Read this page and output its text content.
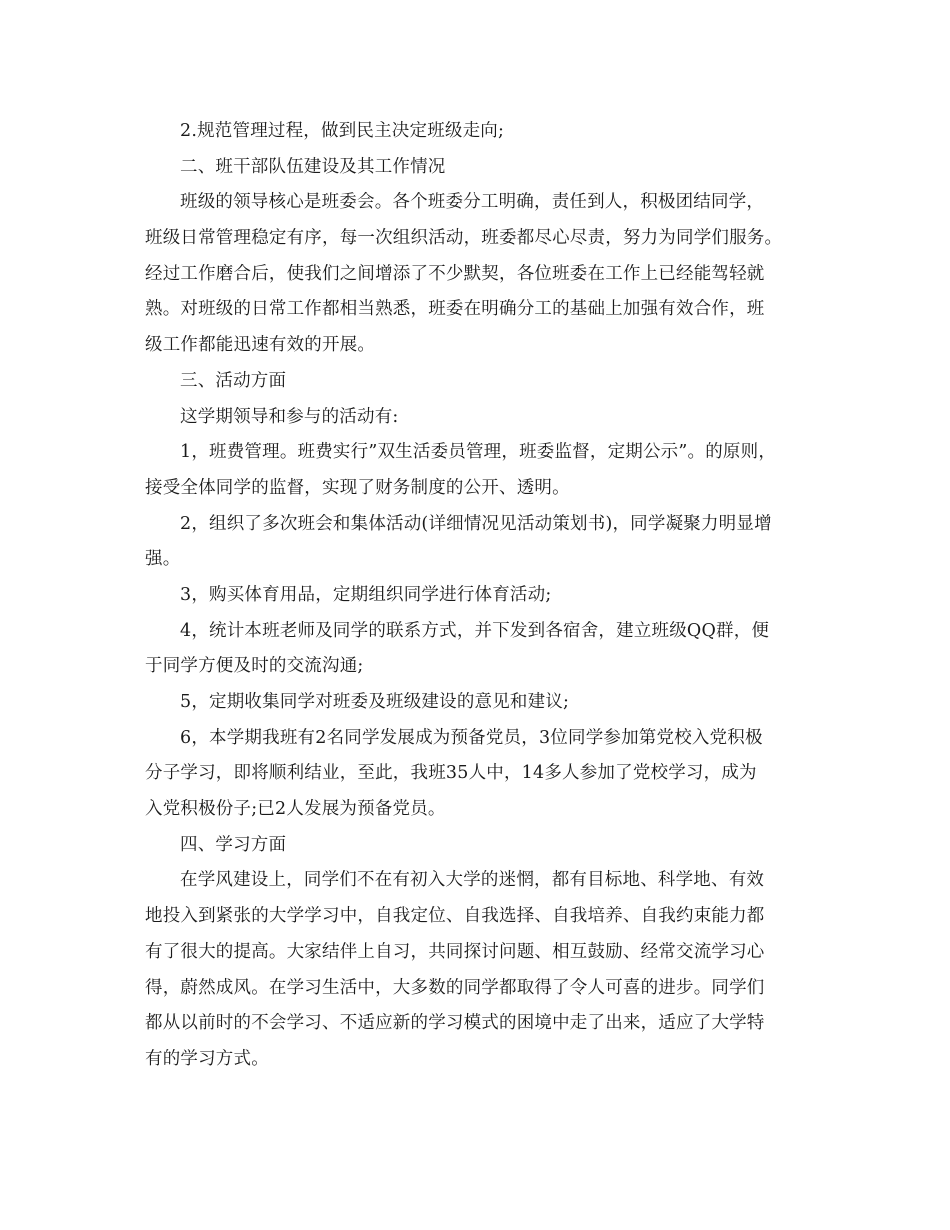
2.规范管理过程，做到民主决定班级走向;
二、班干部队伍建设及其工作情况
班级的领导核心是班委会。各个班委分工明确，责任到人，积极团结同学，
班级日常管理稳定有序，每一次组织活动，班委都尽心尽责，努力为同学们服务。
经过工作磨合后，使我们之间增添了不少默契，各位班委在工作上已经能驾轻就
熟。对班级的日常工作都相当熟悉，班委在明确分工的基础上加强有效合作，班
级工作都能迅速有效的开展。
三、活动方面
这学期领导和参与的活动有:
1，班费管理。班费实行”双生活委员管理，班委监督，定期公示”。的原则，
接受全体同学的监督，实现了财务制度的公开、透明。
2，组织了多次班会和集体活动(详细情况见活动策划书)，同学凝聚力明显增
强。
3，购买体育用品，定期组织同学进行体育活动;
4，统计本班老师及同学的联系方式，并下发到各宿舍，建立班级QQ群，便
于同学方便及时的交流沟通;
5，定期收集同学对班委及班级建设的意见和建议;
6，本学期我班有2名同学发展成为预备党员，3位同学参加第党校入党积极
分子学习，即将顺利结业，至此，我班35人中，14多人参加了党校学习，成为
入党积极份子;已2人发展为预备党员。
四、学习方面
在学风建设上，同学们不在有初入大学的迷惘，都有目标地、科学地、有效
地投入到紧张的大学学习中，自我定位、自我选择、自我培养、自我约束能力都
有了很大的提高。大家结伴上自习，共同探讨问题、相互鼓励、经常交流学习心
得，蔚然成风。在学习生活中，大多数的同学都取得了令人可喜的进步。同学们
都从以前时的不会学习、不适应新的学习模式的困境中走了出来，适应了大学特
有的学习方式。
